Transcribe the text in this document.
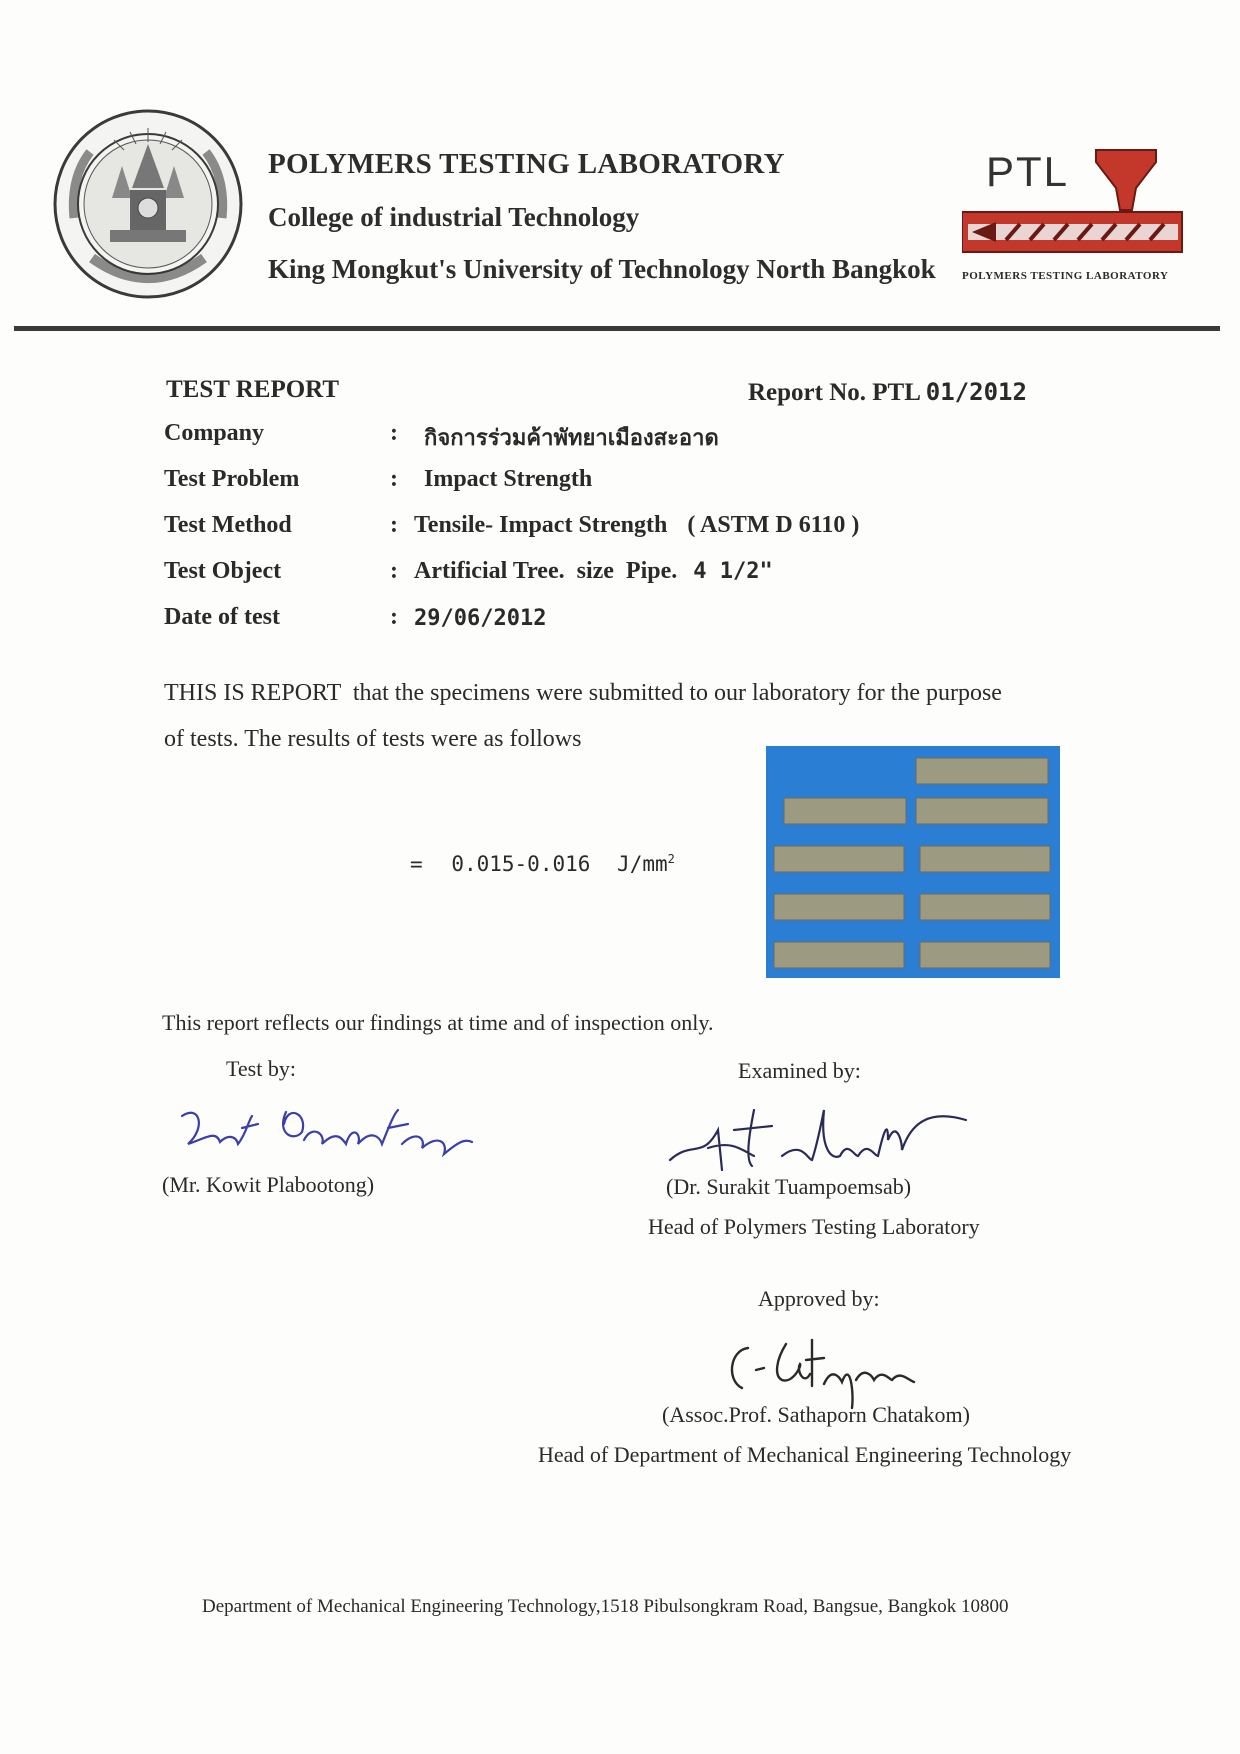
POLYMERS TESTING LABORATORY
College of industrial Technology
King Mongkut's University of Technology North Bangkok
PTL
POLYMERS TESTING LABORATORY
TEST REPORT	Report No. PTL 01/2012
Company	: กิจการร่วมค้าพัทยาเมืองสะอาด
Test Problem	: Impact Strength
Test Method	: Tensile- Impact Strength ( ASTM D 6110 )
Test Object	: Artificial Tree.  size  Pipe. 4 1/2"
Date of test	: 29/06/2012
THIS IS REPORT  that the specimens were submitted to our laboratory for the purpose
of tests. The results of tests were as follows
= 0.015-0.016 $J/mm^2$
This report reflects our findings at time and of inspection only.
Test by:
(Mr. Kowit Plabootong)
Examined by:
(Dr. Surakit Tuampoemsab)
Head of Polymers Testing Laboratory
Approved by:
(Assoc.Prof. Sathaporn Chatakom)
Head of Department of Mechanical Engineering Technology
Department of Mechanical Engineering Technology,1518 Pibulsongkram Road, Bangsue, Bangkok 10800
